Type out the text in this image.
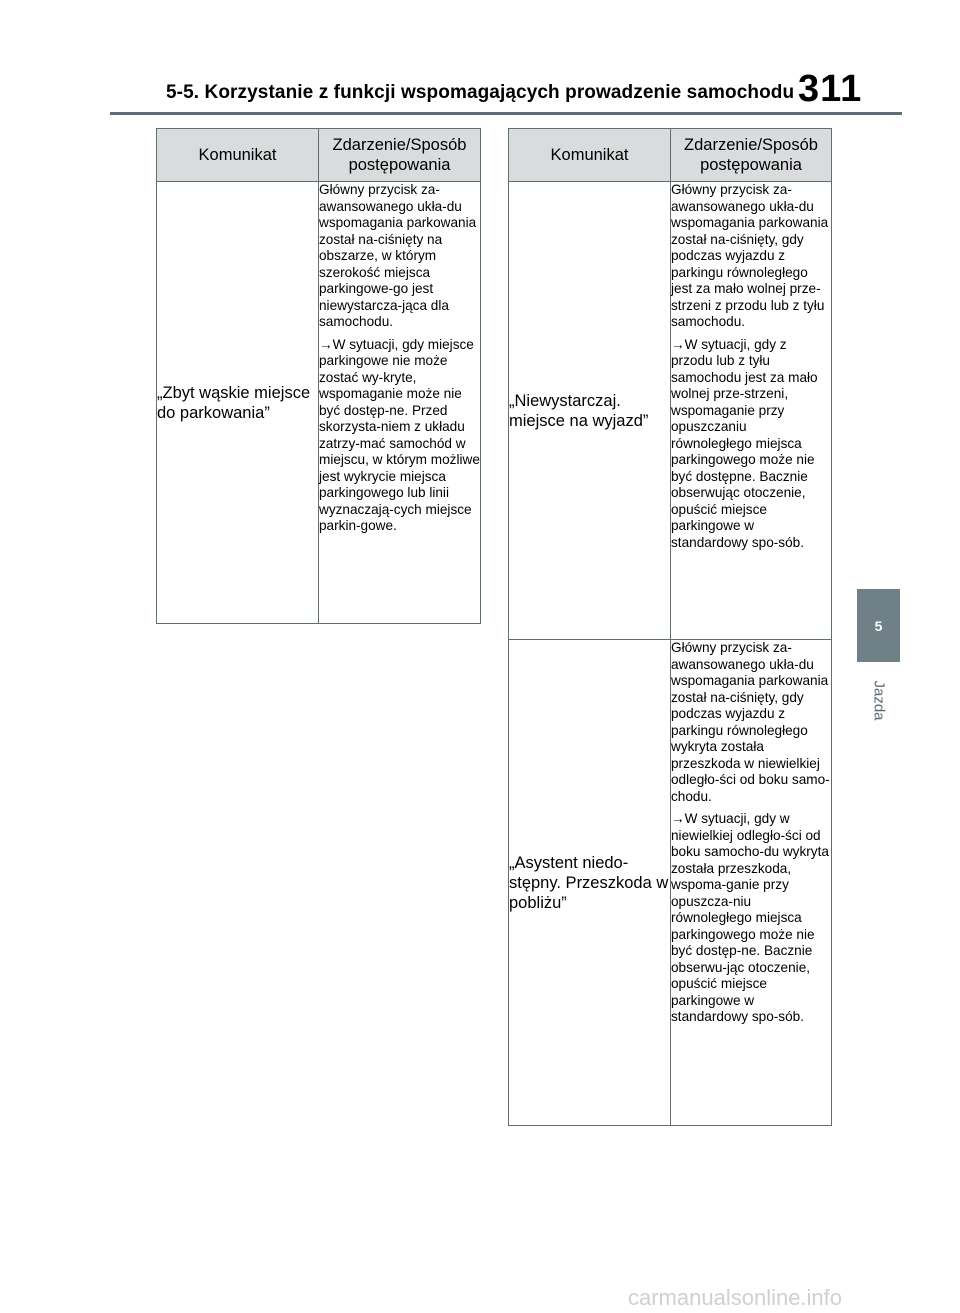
5-5. Korzystanie z funkcji wspomagających prowadzenie samochodu 311
5
Jazda
Komunikat	Zdarzenie/Sposób postępowania
„Zbyt wąskie miejsce do parkowania”	Główny przycisk za-awansowanego ukła-du wspomagania parkowania został na-ciśnięty na obszarze, w którym szerokość miejsca parkingowe-go jest niewystarcza-jąca dla samochodu.

→W sytuacji, gdy miejsce parkingowe nie może zostać wy-kryte, wspomaganie może nie być dostęp-ne. Przed skorzysta-niem z układu zatrzy-mać samochód w miejscu, w którym możliwe jest wykrycie miejsca parkingowego lub linii wyznaczają-cych miejsce parkin-gowe.

Komunikat	Zdarzenie/Sposób postępowania
„Niewystarczaj. miejsce na wyjazd”	Główny przycisk za-awansowanego ukła-du wspomagania parkowania został na-ciśnięty, gdy podczas wyjazdu z parkingu równoległego jest za mało wolnej prze-strzeni z przodu lub z tyłu samochodu.

→W sytuacji, gdy z przodu lub z tyłu samochodu jest za mało wolnej prze-strzeni, wspomaganie przy opuszczaniu równoległego miejsca parkingowego może nie być dostępne. Bacznie obserwując otoczenie, opuścić miejsce parkingowe w standardowy spo-sób.

„Asystent niedo-stępny. Przeszkoda w pobliżu”	Główny przycisk za-awansowanego ukła-du wspomagania parkowania został na-ciśnięty, gdy podczas wyjazdu z parkingu równoległego wykryta została przeszkoda w niewielkiej odległo-ści od boku samo-chodu.

→W sytuacji, gdy w niewielkiej odległo-ści od boku samocho-du wykryta została przeszkoda, wspoma-ganie przy opuszcza-niu równoległego miejsca parkingowego może nie być dostęp-ne. Bacznie obserwu-jąc otoczenie, opuścić miejsce parkingowe w standardowy spo-sób.

carmanualsonline.info
